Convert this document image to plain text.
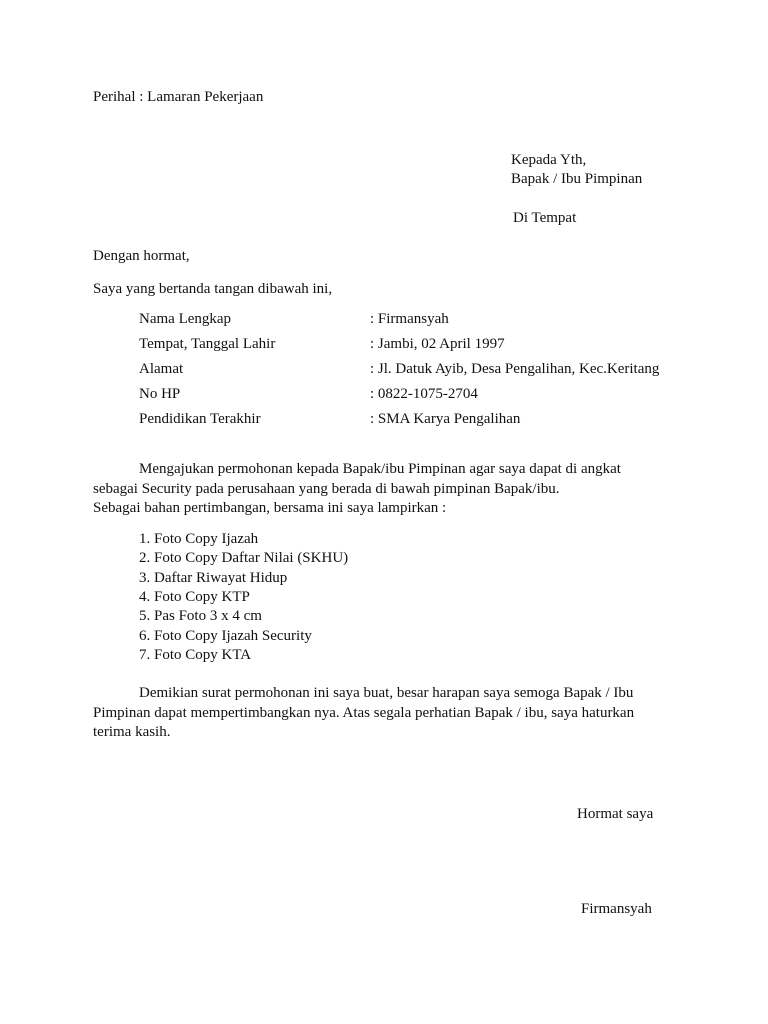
Perihal : Lamaran Pekerjaan
Kepada Yth,
Bapak / Ibu Pimpinan
Di Tempat
Dengan hormat,
Saya yang bertanda tangan dibawah ini,
Nama Lengkap	: Firmansyah
Tempat, Tanggal Lahir	: Jambi, 02 April 1997
Alamat	: Jl. Datuk Ayib, Desa Pengalihan, Kec.Keritang
No HP	: 0822-1075-2704
Pendidikan Terakhir	: SMA Karya Pengalihan
Mengajukan permohonan kepada Bapak/ibu Pimpinan agar saya dapat di angkat
sebagai Security pada perusahaan yang berada di bawah pimpinan Bapak/ibu.
Sebagai bahan pertimbangan, bersama ini saya lampirkan :
1. Foto Copy Ijazah
2. Foto Copy Daftar Nilai (SKHU)
3. Daftar Riwayat Hidup
4. Foto Copy KTP
5. Pas Foto 3 x 4 cm
6. Foto Copy Ijazah Security
7. Foto Copy KTA
Demikian surat permohonan ini saya buat, besar harapan saya semoga Bapak / Ibu
Pimpinan dapat mempertimbangkan nya. Atas segala perhatian Bapak / ibu, saya haturkan
terima kasih.
Hormat saya
Firmansyah
